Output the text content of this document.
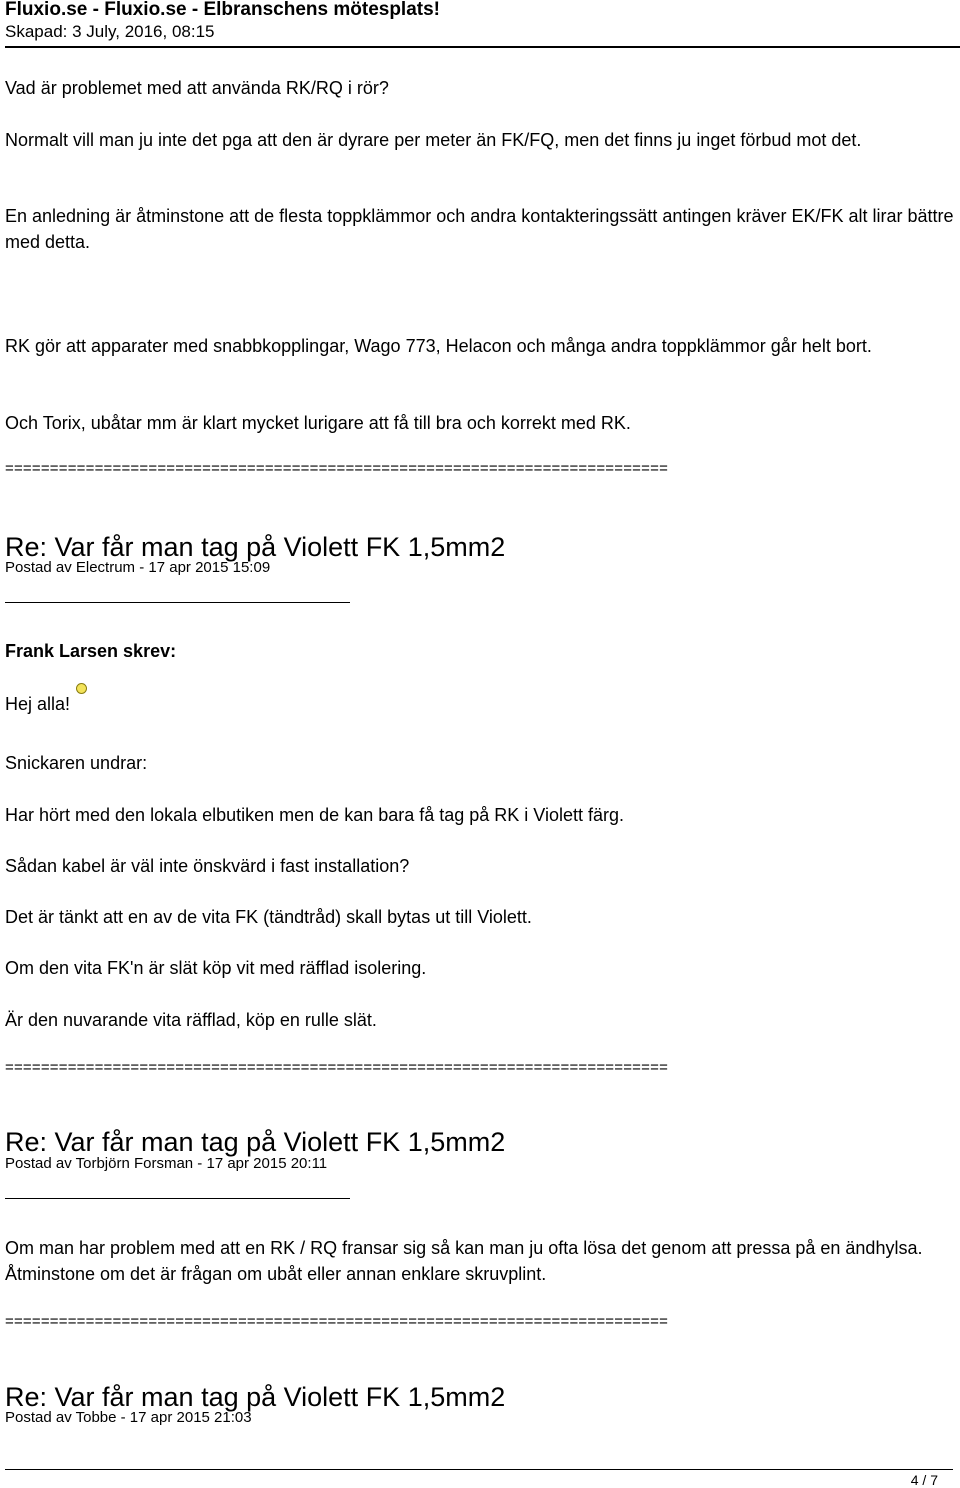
Fluxio.se - Fluxio.se - Elbranschens mötesplats!
Skapad: 3 July, 2016, 08:15
Vad är problemet med att använda RK/RQ i rör?
Normalt vill man ju inte det pga att den är dyrare per meter än FK/FQ, men det finns ju inget förbud mot det.
En anledning är åtminstone att de flesta toppklämmor och andra kontakteringssätt antingen kräver EK/FK alt lirar bättre med detta.
RK gör att apparater med snabbkopplingar, Wago 773, Helacon och många andra toppklämmor går helt bort.
Och Torix, ubåtar mm är klart mycket lurigare att få till bra och korrekt med RK.
==========================================================================
Re: Var får man tag på Violett FK 1,5mm2
Postad av Electrum - 17 apr 2015 15:09
Frank Larsen skrev:
Hej alla!
Snickaren undrar:
Har hört med den lokala elbutiken men de kan bara få tag på RK i Violett färg.
Sådan kabel är väl inte önskvärd i fast installation?
Det är tänkt att en av de vita FK (tändtråd) skall bytas ut till Violett.
Om den vita FK'n är slät köp vit med räfflad isolering.
Är den nuvarande vita räfflad, köp en rulle slät.
==========================================================================
Re: Var får man tag på Violett FK 1,5mm2
Postad av Torbjörn Forsman - 17 apr 2015 20:11
Om man har problem med att en RK / RQ fransar sig så kan man ju ofta lösa det genom att pressa på en ändhylsa. Åtminstone om det är frågan om ubåt eller annan enklare skruvplint.
==========================================================================
Re: Var får man tag på Violett FK 1,5mm2
Postad av Tobbe - 17 apr 2015 21:03
4 / 7
